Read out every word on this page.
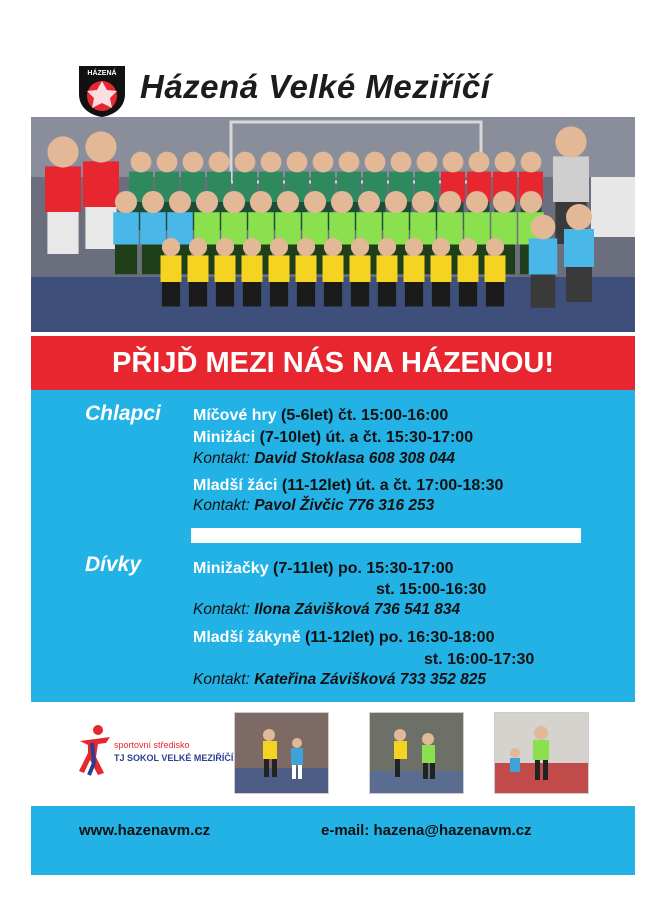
HÁZENÁ Házená Velké Meziříčí
PŘIJĎ MEZI NÁS NA HÁZENOU!
Chlapci Míčové hry (5-6let) čt. 15:00-16:00
Minižáci (7-10let) út. a čt. 15:30-17:00
Kontakt: David Stoklasa 608 308 044
Mladší žáci (11-12let) út. a čt. 17:00-18:30
Kontakt: Pavol Živčic 776 316 253
Dívky	Minižačky (7-11let) po. 15:30-17:00
st. 15:00-16:30
Kontakt: Ilona Závišková 736 541 834
Mladší žákyně (11-12let) po. 16:30-18:00
st. 16:00-17:30
Kontakt: Kateřina Závišková 733 352 825
sportovní středisko
TJ SOKOL VELKÉ MEZIŘÍČÍ
www.hazenavm.cz	e-mail: hazena@hazenavm.cz
